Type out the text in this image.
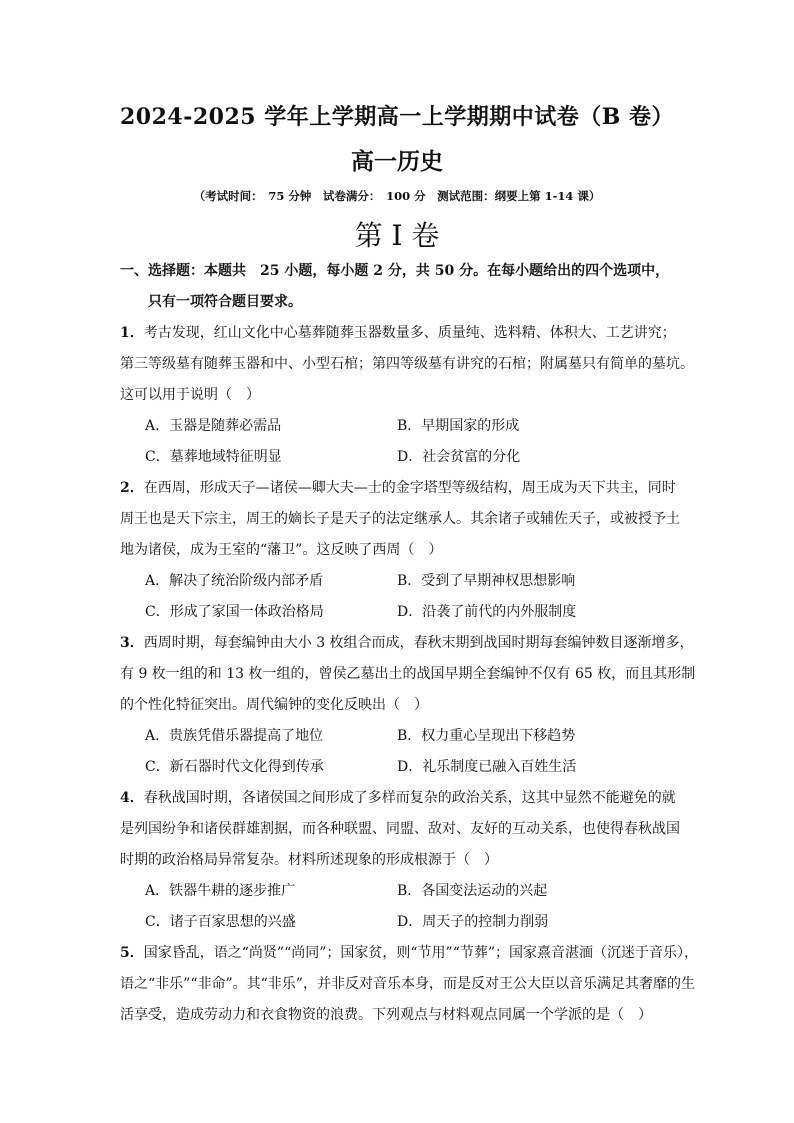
2024-2025 学年上学期高一上学期期中试卷（B 卷）
高一历史
（考试时间：　75 分钟　试卷满分：　100 分　测试范围：纲要上第 1-14 课）
第 I 卷
一、选择题：本题共　25 小题，每小题 2 分，共 50 分。在每小题给出的四个选项中，
只有一项符合题目要求。
1．考古发现，红山文化中心墓葬随葬玉器数量多、质量纯、选料精、体积大、工艺讲究；
第三等级墓有随葬玉器和中、小型石棺；第四等级墓有讲究的石棺；附属墓只有简单的墓坑。
这可以用于说明（　）
A．玉器是随葬必需品	B．早期国家的形成
C．墓葬地域特征明显	D．社会贫富的分化
2．在西周，形成天子—诸侯—卿大夫—士的金字塔型等级结构，周王成为天下共主，同时
周王也是天下宗主，周王的嫡长子是天子的法定继承人。其余诸子或辅佐天子，或被授予土
地为诸侯，成为王室的“藩卫”。这反映了西周（　）
A．解决了统治阶级内部矛盾	B．受到了早期神权思想影响
C．形成了家国一体政治格局	D．沿袭了前代的内外服制度
3．西周时期，每套编钟由大小 3 枚组合而成，春秋末期到战国时期每套编钟数目逐渐增多，
有 9 枚一组的和 13 枚一组的，曾侯乙墓出土的战国早期全套编钟不仅有 65 枚，而且其形制
的个性化特征突出。周代编钟的变化反映出（　）
A．贵族凭借乐器提高了地位	B．权力重心呈现出下移趋势
C．新石器时代文化得到传承	D．礼乐制度已融入百姓生活
4．春秋战国时期，各诸侯国之间形成了多样而复杂的政治关系，这其中显然不能避免的就
是列国纷争和诸侯群雄割据，而各种联盟、同盟、敌对、友好的互动关系，也使得春秋战国
时期的政治格局异常复杂。材料所述现象的形成根源于（　）
A．铁器牛耕的逐步推广	B．各国变法运动的兴起
C．诸子百家思想的兴盛	D．周天子的控制力削弱
5．国家昏乱，语之“尚贤”“尚同”；国家贫，则“节用”“节葬”；国家熹音湛湎（沉迷于音乐），
语之“非乐”“非命”。其“非乐”，并非反对音乐本身，而是反对王公大臣以音乐满足其奢靡的生
活享受，造成劳动力和衣食物资的浪费。下列观点与材料观点同属一个学派的是（　）
